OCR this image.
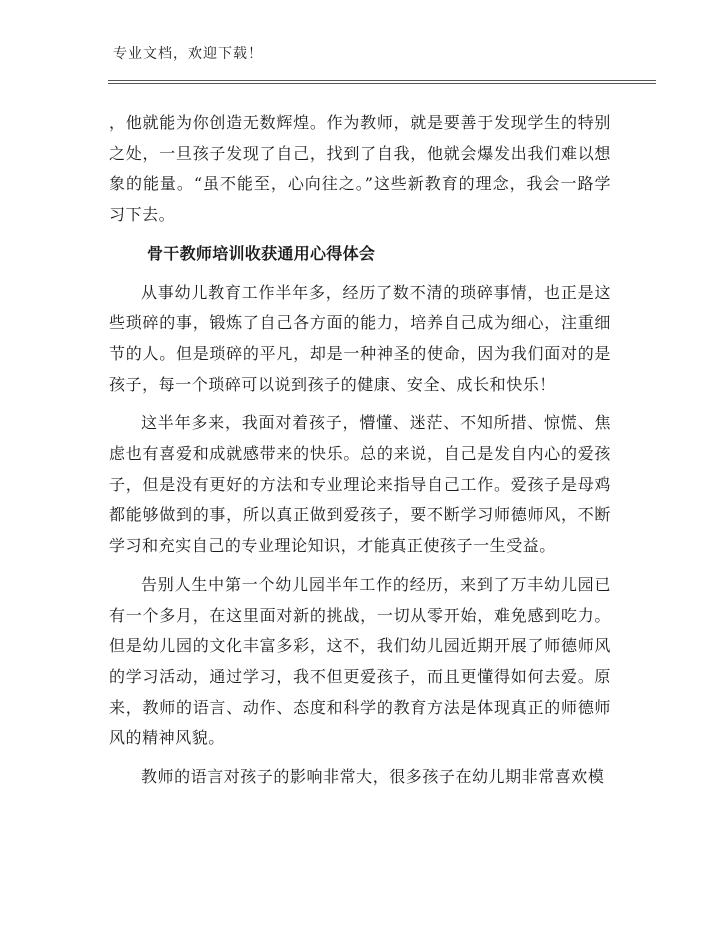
专业文档，欢迎下载！

，他就能为你创造无数辉煌。作为教师，就是要善于发现学生的特别之处，一旦孩子发现了自己，找到了自我，他就会爆发出我们难以想象的能量。“虽不能至，心向往之。”这些新教育的理念，我会一路学习下去。

骨干教师培训收获通用心得体会

从事幼儿教育工作半年多，经历了数不清的琐碎事情，也正是这些琐碎的事，锻炼了自己各方面的能力，培养自己成为细心，注重细节的人。但是琐碎的平凡，却是一种神圣的使命，因为我们面对的是孩子，每一个琐碎可以说到孩子的健康、安全、成长和快乐！

这半年多来，我面对着孩子，懵懂、迷茫、不知所措、惊慌、焦虑也有喜爱和成就感带来的快乐。总的来说，自己是发自内心的爱孩子，但是没有更好的方法和专业理论来指导自己工作。爱孩子是母鸡都能够做到的事，所以真正做到爱孩子，要不断学习师德师风，不断学习和充实自己的专业理论知识，才能真正使孩子一生受益。

告别人生中第一个幼儿园半年工作的经历，来到了万丰幼儿园已有一个多月，在这里面对新的挑战，一切从零开始，难免感到吃力。但是幼儿园的文化丰富多彩，这不，我们幼儿园近期开展了师德师风的学习活动，通过学习，我不但更爱孩子，而且更懂得如何去爱。原来，教师的语言、动作、态度和科学的教育方法是体现真正的师德师风的精神风貌。

教师的语言对孩子的影响非常大，很多孩子在幼儿期非常喜欢模
